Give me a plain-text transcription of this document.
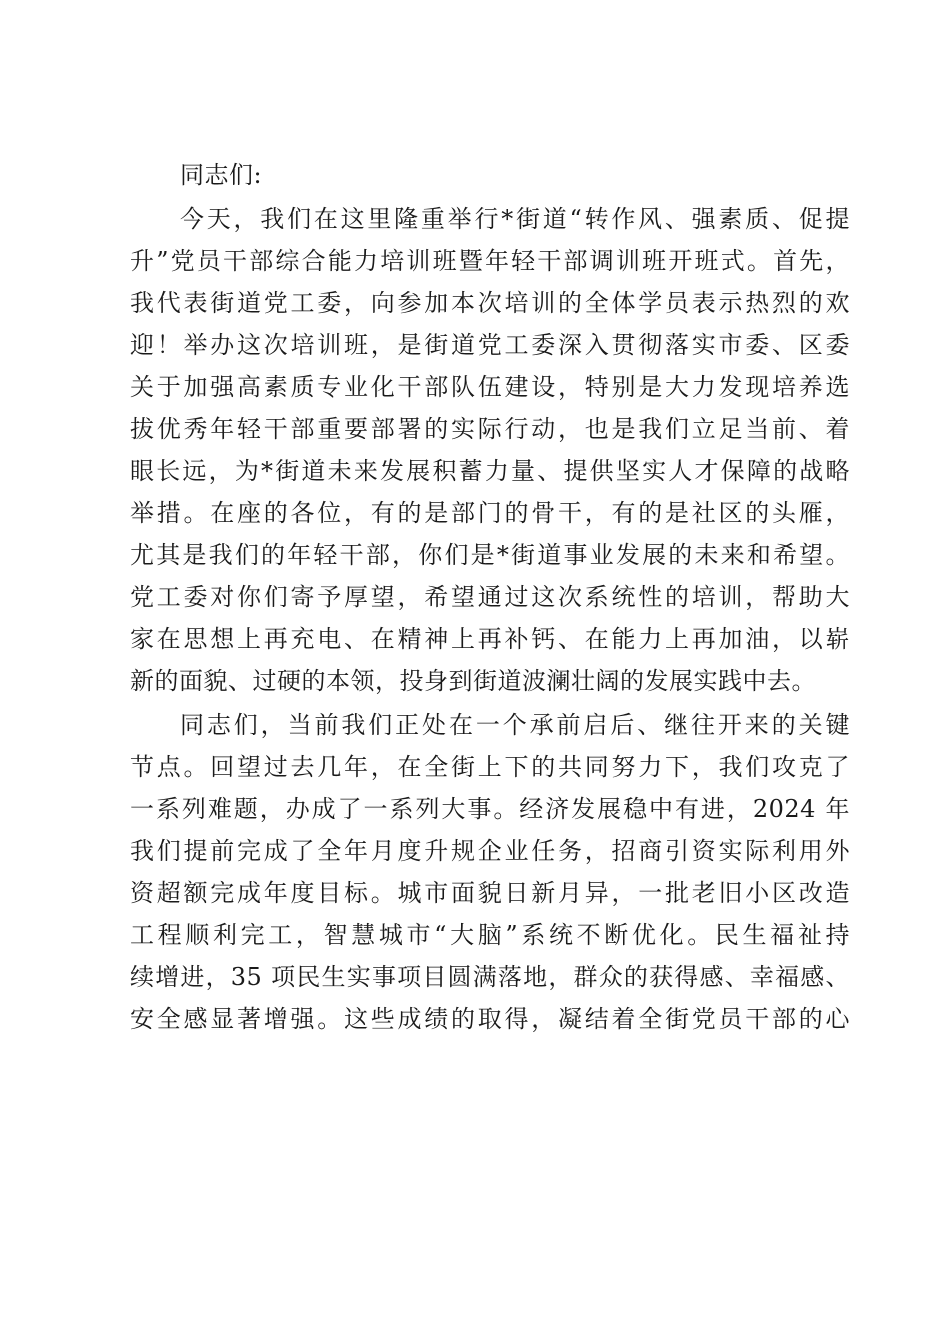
同志们:
今天，我们在这里隆重举行*街道“转作风、强素质、促提
升”党员干部综合能力培训班暨年轻干部调训班开班式。首先，
我代表街道党工委，向参加本次培训的全体学员表示热烈的欢
迎！举办这次培训班，是街道党工委深入贯彻落实市委、区委
关于加强高素质专业化干部队伍建设，特别是大力发现培养选
拔优秀年轻干部重要部署的实际行动，也是我们立足当前、着
眼长远，为*街道未来发展积蓄力量、提供坚实人才保障的战略
举措。在座的各位，有的是部门的骨干，有的是社区的头雁，
尤其是我们的年轻干部，你们是*街道事业发展的未来和希望。
党工委对你们寄予厚望，希望通过这次系统性的培训，帮助大
家在思想上再充电、在精神上再补钙、在能力上再加油，以崭
新的面貌、过硬的本领，投身到街道波澜壮阔的发展实践中去。
同志们，当前我们正处在一个承前启后、继往开来的关键
节点。回望过去几年，在全街上下的共同努力下，我们攻克了
一系列难题，办成了一系列大事。经济发展稳中有进，2024 年
我们提前完成了全年月度升规企业任务，招商引资实际利用外
资超额完成年度目标。城市面貌日新月异，一批老旧小区改造
工程顺利完工，智慧城市“大脑”系统不断优化。民生福祉持
续增进，35 项民生实事项目圆满落地，群众的获得感、幸福感、
安全感显著增强。这些成绩的取得，凝结着全街党员干部的心
